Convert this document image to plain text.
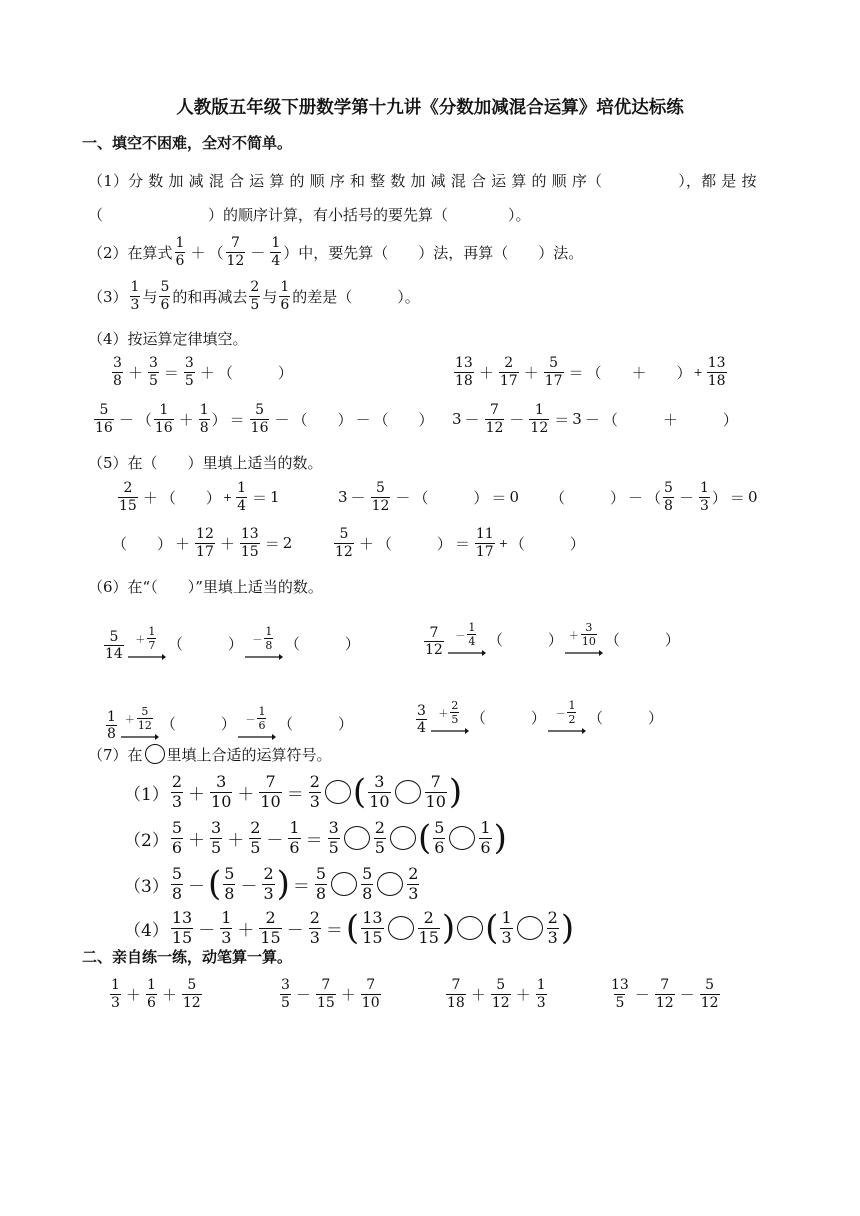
人教版五年级下册数学第十九讲《分数加减混合运算》培优达标练
一、填空不困难，全对不简单。
（1）分 数 加 减 混 合 运 算 的 顺 序 和 整 数 加 减 混 合 运 算 的 顺 序（　　　　　），都 是 按
（　　　　　　　）的顺序计算，有小括号的要先算（　　　　）。
（2）在算式 $\frac{1}{6}$ ＋ （ $\frac{7}{12} - \frac{1}{4}$ ）中，要先算（　　）法，再算（　　）法。
$(3) \frac{1}{3}$ 与 $\frac{5}{6}$ 的和再减去 $\frac{2}{5}$ 与 $\frac{1}{6}$ 的差是（　　　）。
（4）按运算定律填空。
$\frac{3}{8} + \frac{3}{5} = \frac{3}{5}$ ＋ （　　　）	$\frac{13}{18} + \frac{2}{17} + \frac{5}{17}$ ＝ （　　＋　　） + $\frac{13}{18}$
$\frac{5}{16}$ － （ $\frac{1}{16} + \frac{1}{8}$ ） ＝ $\frac{5}{16}$ － （　　） － （　　） $3 - \frac{7}{12} - \frac{1}{12} = 3$ － （　　　＋　　　）
（5）在（　　）里填上适当的数。
$\frac{2}{15}$ ＋ （　　） + $\frac{1}{4} = 1$	$3 - \frac{5}{12}$ － （　　　） ＝ 0 （　　　） － （ $\frac{5}{8} - \frac{1}{3}$ ） ＝ 0
（　　） ＋ $\frac{12}{17} + \frac{13}{15} = 2$	$\frac{5}{12}$ ＋ （　　　） ＝ $\frac{11}{17}$ + （　　　）
（6）在“（　　）”里填上适当的数。
$\frac{5}{14} + \frac{1}{7}$ （　　　） － $\frac{1}{8}$ （　　　）	$\frac{7}{12} - \frac{1}{4}$ （　　　） ＋ $\frac{3}{10}$ （　　　）
$\frac{1}{8} + \frac{5}{12}$ （　　　） － $\frac{1}{6}$ （　　　）	$\frac{3}{4} + \frac{2}{5}$ （　　　） － $\frac{1}{2}$ （　　　）
（7）在 里填上合适的运算符号。
$(1) \frac{2}{3} + \frac{3}{10} + \frac{7}{10} = \frac{2}{3}$ ( $\frac{3}{10} \frac{7}{10}$ )
$(2) \frac{5}{6} + \frac{3}{5} + \frac{2}{5} - \frac{1}{6} = \frac{3}{5} \frac{2}{5}$ ( $\frac{5}{6} \frac{1}{6}$ )
$(3) \frac{5}{8}$ － ( $\frac{5}{8} - \frac{2}{3}$ ) ＝ $\frac{5}{8} \frac{5}{8} \frac{2}{3}$
$(4) \frac{13}{15} - \frac{1}{3} + \frac{2}{15} - \frac{2}{3}$ ＝ ( $\frac{13}{15} \frac{2}{15}$ ) ( $\frac{1}{3} \frac{2}{3}$ )
二、亲自练一练，动笔算一算。
$\frac{1}{3} + \frac{1}{6} + \frac{5}{12}$	$\frac{3}{5} - \frac{7}{15} + \frac{7}{10}$	$\frac{7}{18} + \frac{5}{12} + \frac{1}{3}$	$\frac{13}{5} - \frac{7}{12} - \frac{5}{12}$
